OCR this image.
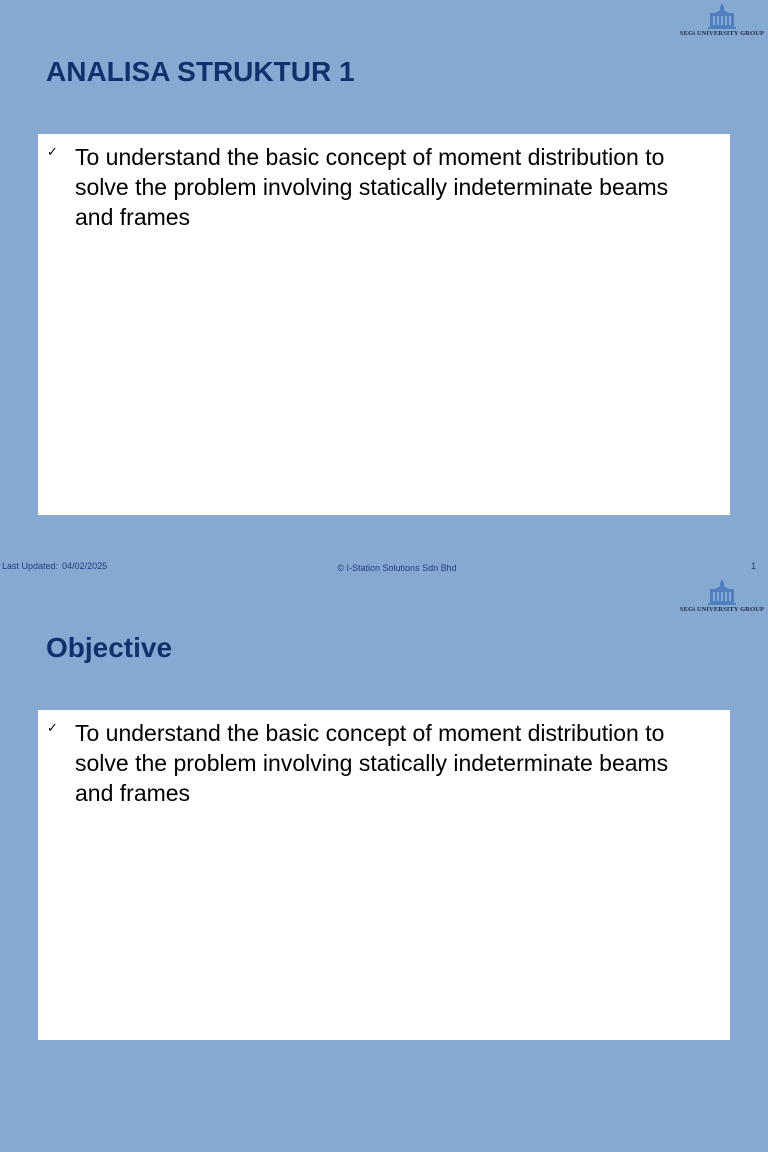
SEGi UNIVERSITY GROUP
ANALISA STRUKTUR 1
✓ To understand the basic concept of moment distribution to solve the problem involving statically indeterminate beams and frames
Last Updated: 04/02/2025	© I-Station Solutions Sdn Bhd	1
SEGi UNIVERSITY GROUP
Objective
✓ To understand the basic concept of moment distribution to solve the problem involving statically indeterminate beams and frames
